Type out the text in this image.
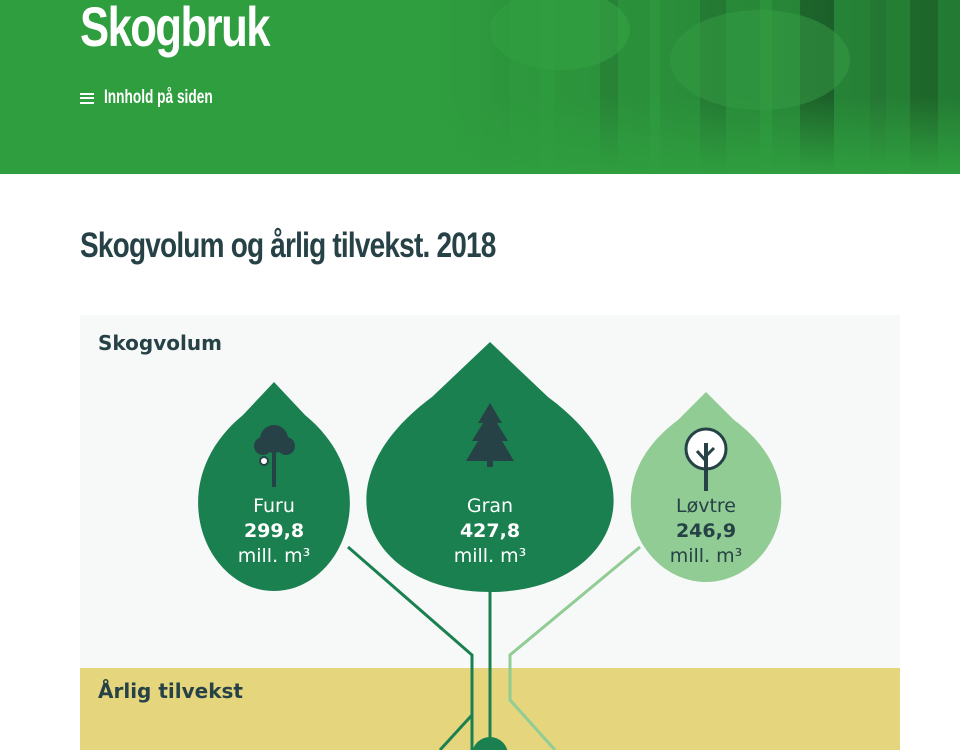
Skogbruk
Innhold på siden
Skogvolum og årlig tilvekst. 2018
Furu
299,8
mill. m³
Gran
427,8
mill. m³
Løvtre
246,9
mill. m³
Skogvolum
Årlig tilvekst
